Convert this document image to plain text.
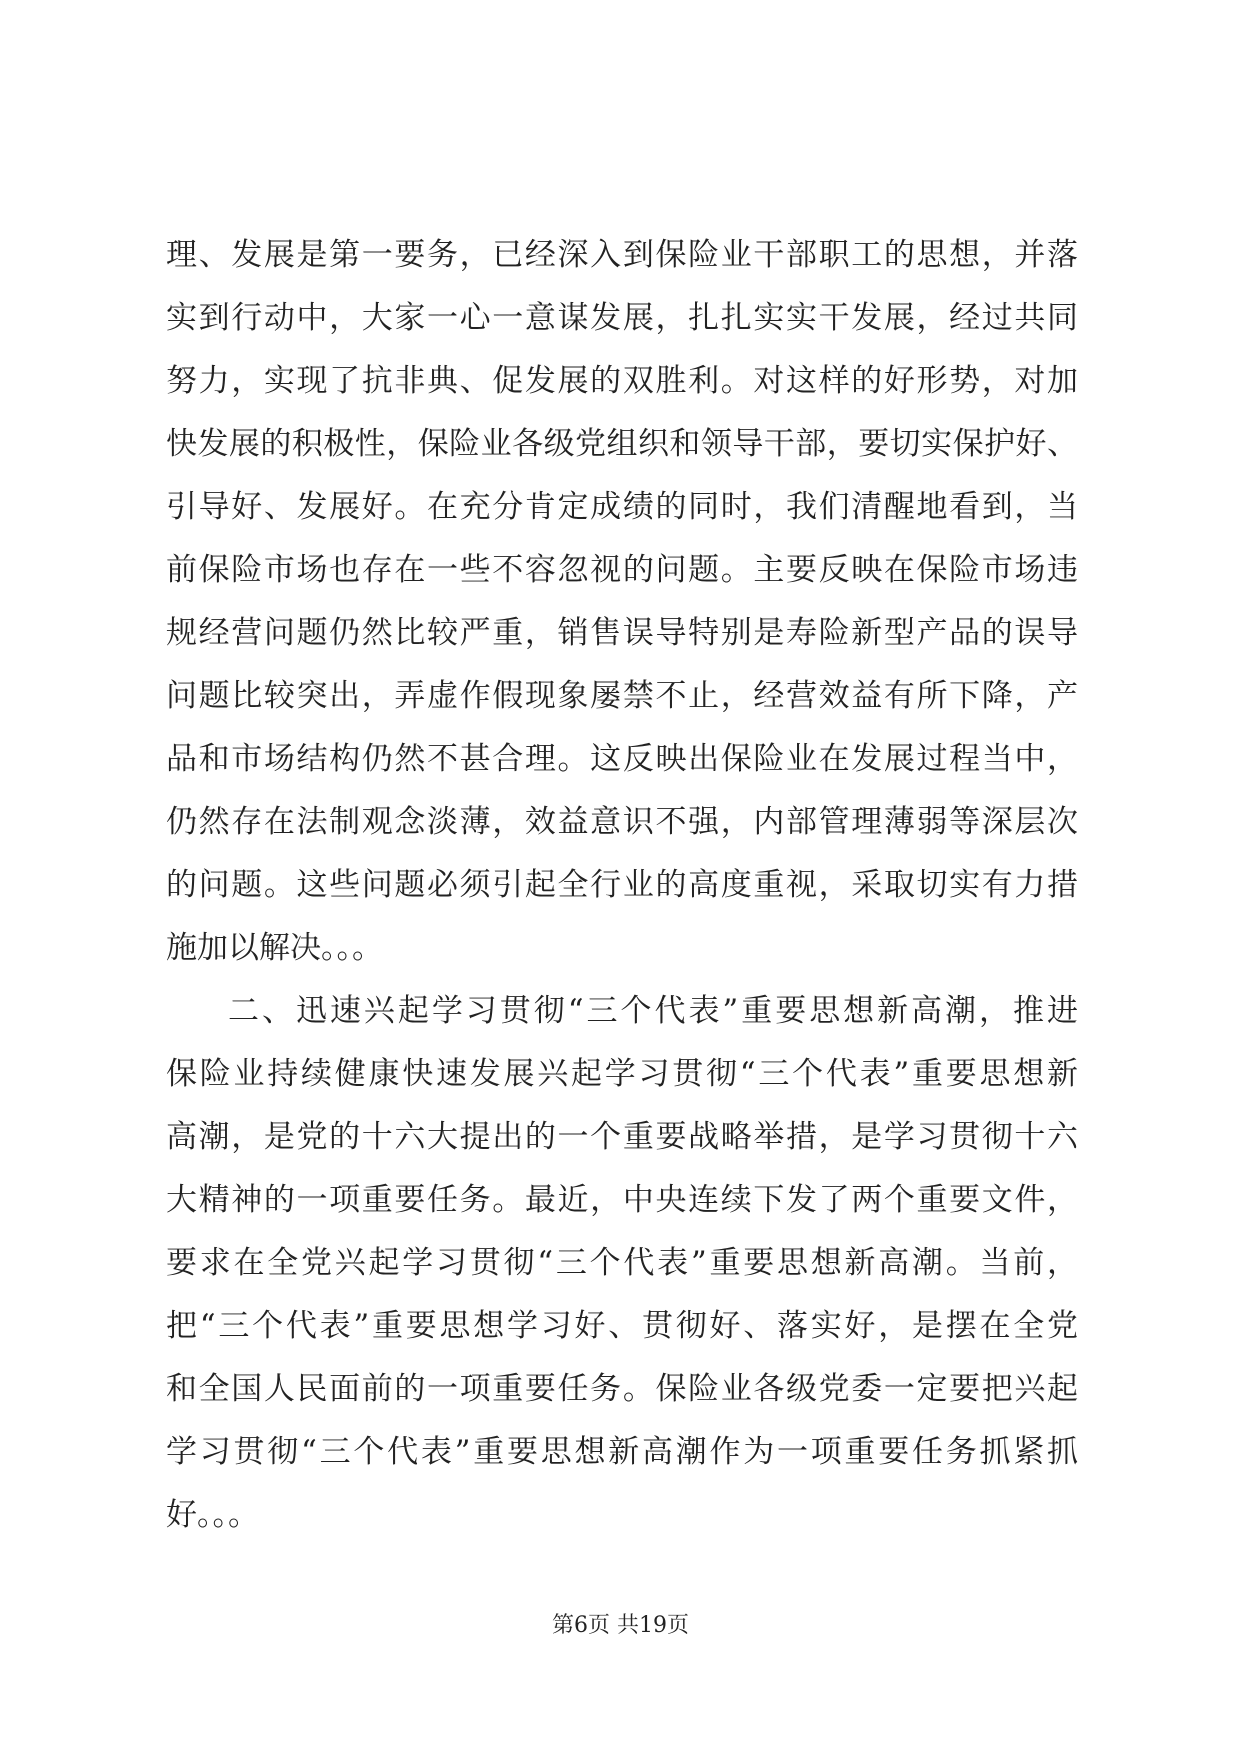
理、发展是第一要务，已经深入到保险业干部职工的思想，并落
实到行动中，大家一心一意谋发展，扎扎实实干发展，经过共同
努力，实现了抗非典、促发展的双胜利。对这样的好形势，对加
快发展的积极性，保险业各级党组织和领导干部，要切实保护好、
引导好、发展好。在充分肯定成绩的同时，我们清醒地看到，当
前保险市场也存在一些不容忽视的问题。主要反映在保险市场违
规经营问题仍然比较严重，销售误导特别是寿险新型产品的误导
问题比较突出，弄虚作假现象屡禁不止，经营效益有所下降，产
品和市场结构仍然不甚合理。这反映出保险业在发展过程当中，
仍然存在法制观念淡薄，效益意识不强，内部管理薄弱等深层次
的问题。这些问题必须引起全行业的高度重视，采取切实有力措
施加以解决。。。
二、迅速兴起学习贯彻“三个代表”重要思想新高潮，推进
保险业持续健康快速发展兴起学习贯彻“三个代表”重要思想新
高潮，是党的十六大提出的一个重要战略举措，是学习贯彻十六
大精神的一项重要任务。最近，中央连续下发了两个重要文件，
要求在全党兴起学习贯彻“三个代表”重要思想新高潮。当前，
把“三个代表”重要思想学习好、贯彻好、落实好，是摆在全党
和全国人民面前的一项重要任务。保险业各级党委一定要把兴起
学习贯彻“三个代表”重要思想新高潮作为一项重要任务抓紧抓
好。。。
第6页 共19页
